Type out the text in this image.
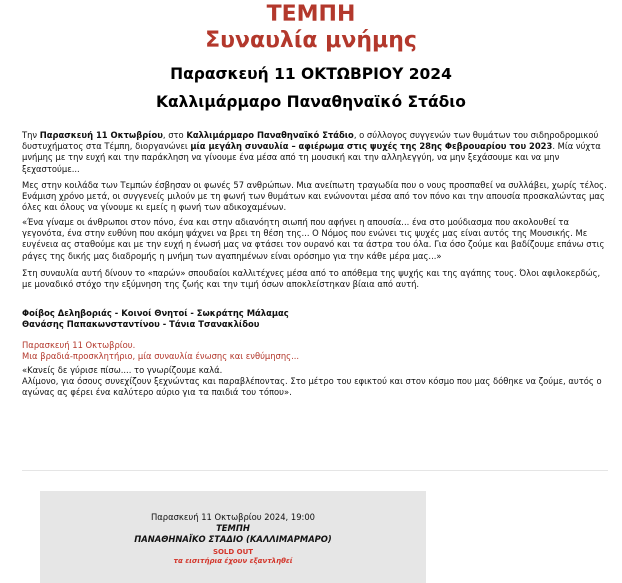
ΤΕΜΠΗ
Συναυλία μνήμης
Παρασκευή 11 ΟΚΤΩΒΡΙΟΥ 2024
Καλλιμάρμαρο Παναθηναϊκό Στάδιο
Την Παρασκευή 11 Οκτωβρίου, στο Καλλιμάρμαρο Παναθηναϊκό Στάδιο, ο σύλλογος συγγενών των θυμάτων του σιδηροδρομικού δυστυχήματος στα Τέμπη, διοργανώνει μία μεγάλη συναυλία – αφιέρωμα στις ψυχές της 28ης Φεβρουαρίου του 2023. Μία νύχτα μνήμης με την ευχή και την παράκληση να γίνουμε ένα μέσα από τη μουσική και την αλληλεγγύη, να μην ξεχάσουμε και να μην ξεχαστούμε...

Μες στην κοιλάδα των Τεμπών έσβησαν οι φωνές 57 ανθρώπων. Μια ανείπωτη τραγωδία που ο νους προσπαθεί να συλλάβει, χωρίς τέλος. Ενάμιση χρόνο μετά, οι συγγενείς μιλούν με τη φωνή των θυμάτων και ενώνονται μέσα από τον πόνο και την απουσία προσκαλώντας μας όλες και όλους να γίνουμε κι εμείς η φωνή των αδικοχαμένων.

«Ένα γίναμε οι άνθρωποι στον πόνο, ένα και στην αδιανόητη σιωπή που αφήνει η απουσία... ένα στο μούδιασμα που ακολουθεί τα γεγονότα, ένα στην ευθύνη που ακόμη ψάχνει να βρει τη θέση της... Ο Νόμος που ενώνει τις ψυχές μας είναι αυτός της Μουσικής. Με ευγένεια ας σταθούμε και με την ευχή η ένωσή μας να φτάσει τον ουρανό και τα άστρα του όλα. Για όσο ζούμε και βαδίζουμε επάνω στις ράγες της δικής μας διαδρομής η μνήμη των αγαπημένων είναι ορόσημο για την κάθε μέρα μας...»

Στη συναυλία αυτή δίνουν το «παρών» σπουδαίοι καλλιτέχνες μέσα από το απόθεμα της ψυχής και της αγάπης τους. Όλοι αφιλοκερδώς, με μοναδικό στόχο την εξύμνηση της ζωής και την τιμή όσων αποκλείστηκαν βίαια από αυτή.

Φοίβος Δεληβοριάς - Κοινοί Θνητοί - Σωκράτης Μάλαμας
Θανάσης Παπακωνσταντίνου - Τάνια Τσανακλίδου
Παρασκευή 11 Οκτωβρίου.
Μια βραδιά-προσκλητήριο, μία συναυλία ένωσης και ενθύμησης...
«Κανείς δε γύρισε πίσω.... το γνωρίζουμε καλά.
Αλίμονο, για όσους συνεχίζουν ξεχνώντας και παραβλέποντας. Στο μέτρο του εφικτού και στον κόσμο που μας δόθηκε να ζούμε, αυτός ο αγώνας ας φέρει ένα καλύτερο αύριο για τα παιδιά του τόπου».
Παρασκευή 11 Οκτωβρίου 2024, 19:00
ΤΕΜΠΗ
ΠΑΝΑΘΗΝΑΪΚΟ ΣΤΑΔΙΟ (ΚΑΛΛΙΜΑΡΜΑΡΟ)
SOLD OUT
τα εισιτήρια έχουν εξαντληθεί
